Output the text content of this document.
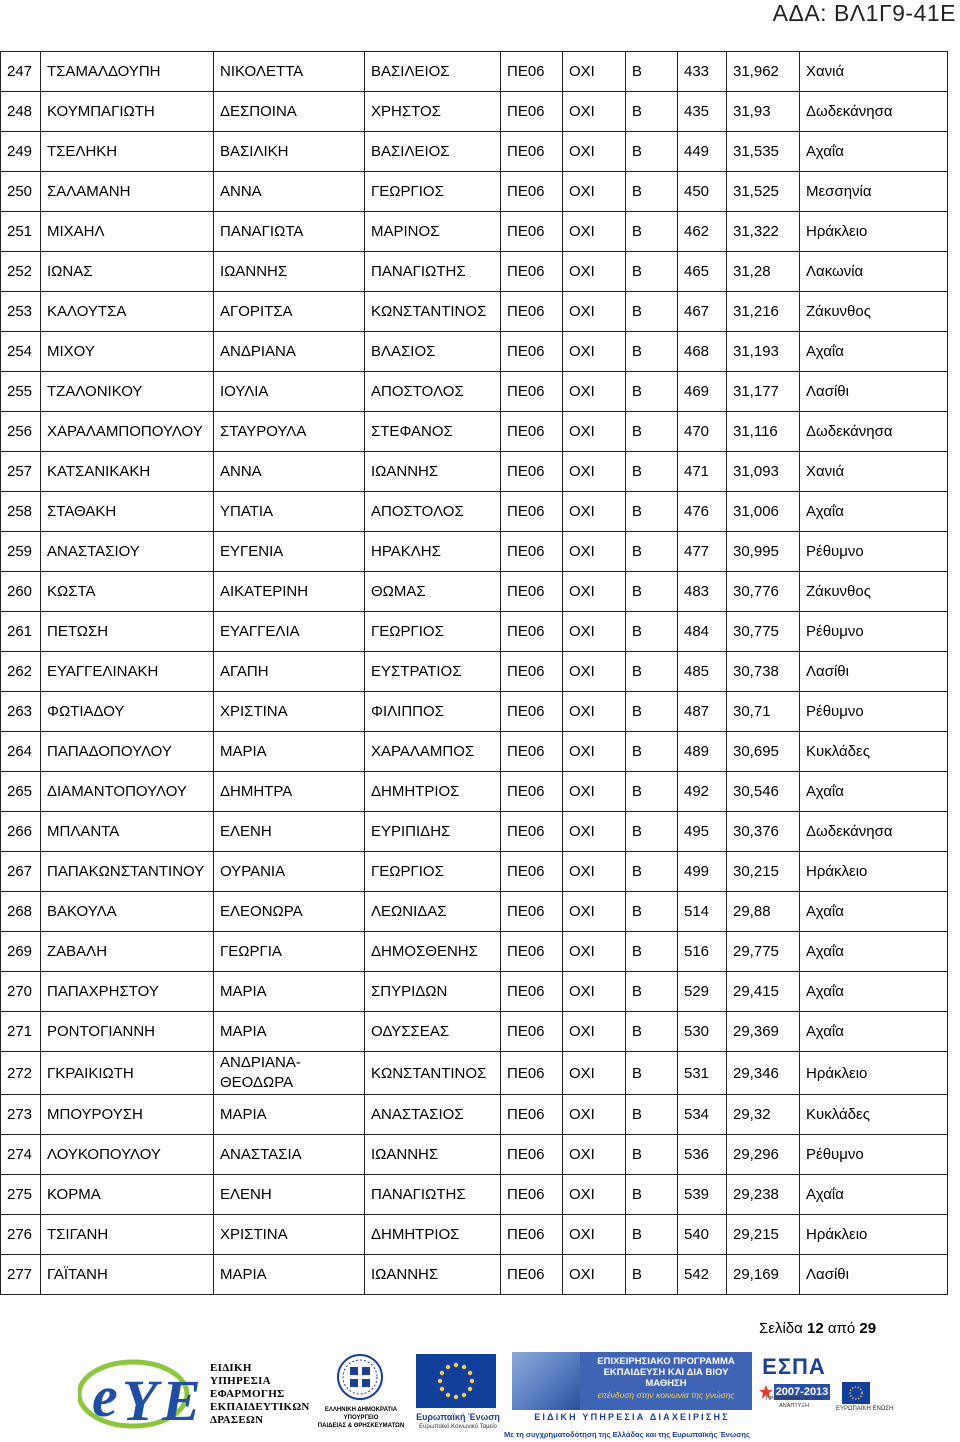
ΑΔΑ: ΒΛ1Γ9-41Ε
247	ΤΣΑΜΑΛΔΟΥΠΗ	ΝΙΚΟΛΕΤΤΑ	ΒΑΣΙΛΕΙΟΣ	ΠΕ06	ΟΧΙ	Β	433	31,962	Χανιά
248	ΚΟΥΜΠΑΓΙΩΤΗ	ΔΕΣΠΟΙΝΑ	ΧΡΗΣΤΟΣ	ΠΕ06	ΟΧΙ	Β	435	31,93	Δωδεκάνησα
249	ΤΣΕΛΗΚΗ	ΒΑΣΙΛΙΚΗ	ΒΑΣΙΛΕΙΟΣ	ΠΕ06	ΟΧΙ	Β	449	31,535	Αχαΐα
250	ΣΑΛΑΜΑΝΗ	ΑΝΝΑ	ΓΕΩΡΓΙΟΣ	ΠΕ06	ΟΧΙ	Β	450	31,525	Μεσσηνία
251	ΜΙΧΑΗΛ	ΠΑΝΑΓΙΩΤΑ	ΜΑΡΙΝΟΣ	ΠΕ06	ΟΧΙ	Β	462	31,322	Ηράκλειο
252	ΙΩΝΑΣ	ΙΩΑΝΝΗΣ	ΠΑΝΑΓΙΩΤΗΣ	ΠΕ06	ΟΧΙ	Β	465	31,28	Λακωνία
253	ΚΑΛΟΥΤΣΑ	ΑΓΟΡΙΤΣΑ	ΚΩΝΣΤΑΝΤΙΝΟΣ	ΠΕ06	ΟΧΙ	Β	467	31,216	Ζάκυνθος
254	ΜΙΧΟΥ	ΑΝΔΡΙΑΝΑ	ΒΛΑΣΙΟΣ	ΠΕ06	ΟΧΙ	Β	468	31,193	Αχαΐα
255	ΤΖΑΛΟΝΙΚΟΥ	ΙΟΥΛΙΑ	ΑΠΟΣΤΟΛΟΣ	ΠΕ06	ΟΧΙ	Β	469	31,177	Λασίθι
256	ΧΑΡΑΛΑΜΠΟΠΟΥΛΟΥ	ΣΤΑΥΡΟΥΛΑ	ΣΤΕΦΑΝΟΣ	ΠΕ06	ΟΧΙ	Β	470	31,116	Δωδεκάνησα
257	ΚΑΤΣΑΝΙΚΑΚΗ	ΑΝΝΑ	ΙΩΑΝΝΗΣ	ΠΕ06	ΟΧΙ	Β	471	31,093	Χανιά
258	ΣΤΑΘΑΚΗ	ΥΠΑΤΙΑ	ΑΠΟΣΤΟΛΟΣ	ΠΕ06	ΟΧΙ	Β	476	31,006	Αχαΐα
259	ΑΝΑΣΤΑΣΙΟΥ	ΕΥΓΕΝΙΑ	ΗΡΑΚΛΗΣ	ΠΕ06	ΟΧΙ	Β	477	30,995	Ρέθυμνο
260	ΚΩΣΤΑ	ΑΙΚΑΤΕΡΙΝΗ	ΘΩΜΑΣ	ΠΕ06	ΟΧΙ	Β	483	30,776	Ζάκυνθος
261	ΠΕΤΩΣΗ	ΕΥΑΓΓΕΛΙΑ	ΓΕΩΡΓΙΟΣ	ΠΕ06	ΟΧΙ	Β	484	30,775	Ρέθυμνο
262	ΕΥΑΓΓΕΛΙΝΑΚΗ	ΑΓΑΠΗ	ΕΥΣΤΡΑΤΙΟΣ	ΠΕ06	ΟΧΙ	Β	485	30,738	Λασίθι
263	ΦΩΤΙΑΔΟΥ	ΧΡΙΣΤΙΝΑ	ΦΙΛΙΠΠΟΣ	ΠΕ06	ΟΧΙ	Β	487	30,71	Ρέθυμνο
264	ΠΑΠΑΔΟΠΟΥΛΟΥ	ΜΑΡΙΑ	ΧΑΡΑΛΑΜΠΟΣ	ΠΕ06	ΟΧΙ	Β	489	30,695	Κυκλάδες
265	ΔΙΑΜΑΝΤΟΠΟΥΛΟΥ	ΔΗΜΗΤΡΑ	ΔΗΜΗΤΡΙΟΣ	ΠΕ06	ΟΧΙ	Β	492	30,546	Αχαΐα
266	ΜΠΛΑΝΤΑ	ΕΛΕΝΗ	ΕΥΡΙΠΙΔΗΣ	ΠΕ06	ΟΧΙ	Β	495	30,376	Δωδεκάνησα
267	ΠΑΠΑΚΩΝΣΤΑΝΤΙΝΟΥ	ΟΥΡΑΝΙΑ	ΓΕΩΡΓΙΟΣ	ΠΕ06	ΟΧΙ	Β	499	30,215	Ηράκλειο
268	ΒΑΚΟΥΛΑ	ΕΛΕΟΝΩΡΑ	ΛΕΩΝΙΔΑΣ	ΠΕ06	ΟΧΙ	Β	514	29,88	Αχαΐα
269	ΖΑΒΑΛΗ	ΓΕΩΡΓΙΑ	ΔΗΜΟΣΘΕΝΗΣ	ΠΕ06	ΟΧΙ	Β	516	29,775	Αχαΐα
270	ΠΑΠΑΧΡΗΣΤΟΥ	ΜΑΡΙΑ	ΣΠΥΡΙΔΩΝ	ΠΕ06	ΟΧΙ	Β	529	29,415	Αχαΐα
271	ΡΟΝΤΟΓΙΑΝΝΗ	ΜΑΡΙΑ	ΟΔΥΣΣΕΑΣ	ΠΕ06	ΟΧΙ	Β	530	29,369	Αχαΐα
272	ΓΚΡΑΙΚΙΩΤΗ	ΑΝΔΡΙΑΝΑ-​ΘΕΟΔΩΡΑ	ΚΩΝΣΤΑΝΤΙΝΟΣ	ΠΕ06	ΟΧΙ	Β	531	29,346	Ηράκλειο
273	ΜΠΟΥΡΟΥΣΗ	ΜΑΡΙΑ	ΑΝΑΣΤΑΣΙΟΣ	ΠΕ06	ΟΧΙ	Β	534	29,32	Κυκλάδες
274	ΛΟΥΚΟΠΟΥΛΟΥ	ΑΝΑΣΤΑΣΙΑ	ΙΩΑΝΝΗΣ	ΠΕ06	ΟΧΙ	Β	536	29,296	Ρέθυμνο
275	ΚΟΡΜΑ	ΕΛΕΝΗ	ΠΑΝΑΓΙΩΤΗΣ	ΠΕ06	ΟΧΙ	Β	539	29,238	Αχαΐα
276	ΤΣΙΓΑΝΗ	ΧΡΙΣΤΙΝΑ	ΔΗΜΗΤΡΙΟΣ	ΠΕ06	ΟΧΙ	Β	540	29,215	Ηράκλειο
277	ΓΑΪΤΑΝΗ	ΜΑΡΙΑ	ΙΩΑΝΝΗΣ	ΠΕ06	ΟΧΙ	Β	542	29,169	Λασίθι
Σελίδα 12 από 29
e Y E ΕΙΔΙΚΗ
ΥΠΗΡΕΣΙΑ
ΕΦΑΡΜΟΓΗΣ
ΕΚΠΑΙΔΕΥΤΙΚΩΝ
ΔΡΑΣΕΩΝ
ΕΛΛΗΝΙΚΗ ΔΗΜΟΚΡΑΤΙΑ
ΥΠΟΥΡΓΕΙΟ
ΠΑΙΔΕΙΑΣ & ΘΡΗΣΚΕΥΜΑΤΩΝ
Ευρωπαϊκή Ένωση
Ευρωπαϊκό Κοινωνικό Ταμείο
ΕΠΙΧΕΙΡΗΣΙΑΚΟ ΠΡΟΓΡΑΜΜΑ ΕΚΠΑΙΔΕΥΣΗ ΚΑΙ ΔΙΑ ΒΙΟΥ ΜΑΘΗΣΗ
επένδυση στην κοινωνία της γνώσης
ΕΙΔΙΚΗ ΥΠΗΡΕΣΙΑ ΔΙΑΧΕΙΡΙΣΗΣ
ΕΣΠΑ
2007-2013
ΠΡΟΓΡΑΜΜΑ ΓΙΑ ΤΗΝ ΑΝΑΠΤΥΞΗ	ΕΥΡΩΠΑΪΚΗ ΕΝΩΣΗ
Με τη συγχρηματοδότηση της Ελλάδας και της Ευρωπαϊκής Ένωσης
